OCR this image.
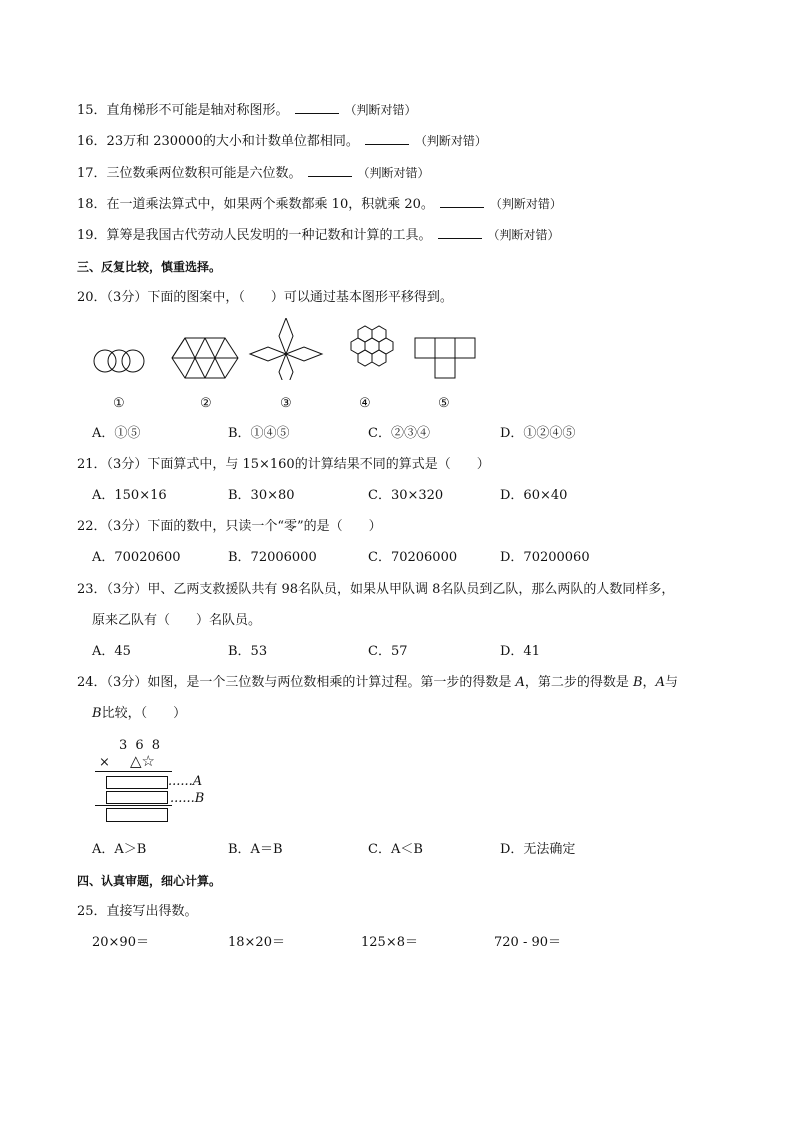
15．直角梯形不可能是轴对称图形。	（判断对错）
16．23万和 230000的大小和计数单位都相同。	（判断对错）
17．三位数乘两位数积可能是六位数。	（判断对错）
18．在一道乘法算式中，如果两个乘数都乘 10，积就乘 20。	（判断对错）
19．算筹是我国古代劳动人民发明的一种记数和计算的工具。	（判断对错）
三、反复比较，慎重选择。
20．（3分）下面的图案中，（　　）可以通过基本图形平移得到。
①	②	③	④	⑤
A．①⑤	B．①④⑤	C．②③④	D．①②④⑤
21．（3分）下面算式中，与 15×160的计算结果不同的算式是（　　）
A．150×16	B．30×80	C．30×320	D．60×40
22．（3分）下面的数中，只读一个“零”的是（　　）
A．70020600	B．72006000	C．70206000	D．70200060
23．（3分）甲、乙两支救援队共有 98名队员，如果从甲队调 8名队员到乙队，那么两队的人数同样多，
原来乙队有（　　）名队员。
A．45	B．53	C．57	D．41
24．（3分）如图，是一个三位数与两位数相乘的计算过程。第一步的得数是 A，第二步的得数是 B，A与
B比较，（　　）
3 6 8
× △☆
......A
......B
A．A＞B	B．A＝B	C．A＜B	D．无法确定
四、认真审题，细心计算。
25．直接写出得数。
20×90＝	18×20＝	125×8＝	720 - 90＝
